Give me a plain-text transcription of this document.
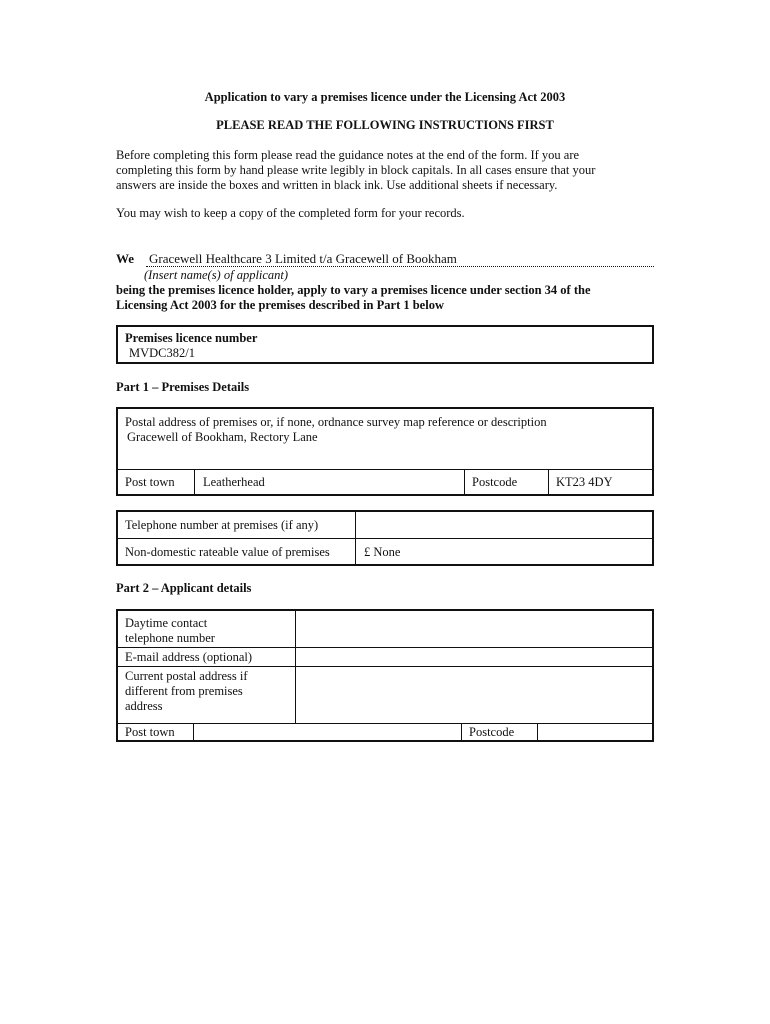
Application to vary a premises licence under the Licensing Act 2003
PLEASE READ THE FOLLOWING INSTRUCTIONS FIRST
Before completing this form please read the guidance notes at the end of the form. If you are
completing this form by hand please write legibly in block capitals. In all cases ensure that your
answers are inside the boxes and written in black ink. Use additional sheets if necessary.
You may wish to keep a copy of the completed form for your records.
We Gracewell Healthcare 3 Limited t/a Gracewell of Bookham
(Insert name(s) of applicant)
being the premises licence holder, apply to vary a premises licence under section 34 of the
Licensing Act 2003 for the premises described in Part 1 below
Premises licence number
MVDC382/1
Part 1 – Premises Details
Postal address of premises or, if none, ordnance survey map reference or description
Gracewell of Bookham, Rectory Lane
Post town Leatherhead	Postcode	KT23 4DY
Telephone number at premises (if any)
Non-domestic rateable value of premises	£ None
Part 2 – Applicant details
Daytime contact
telephone number
E-mail address (optional)
Current postal address if
different from premises
address
Post town	Postcode
